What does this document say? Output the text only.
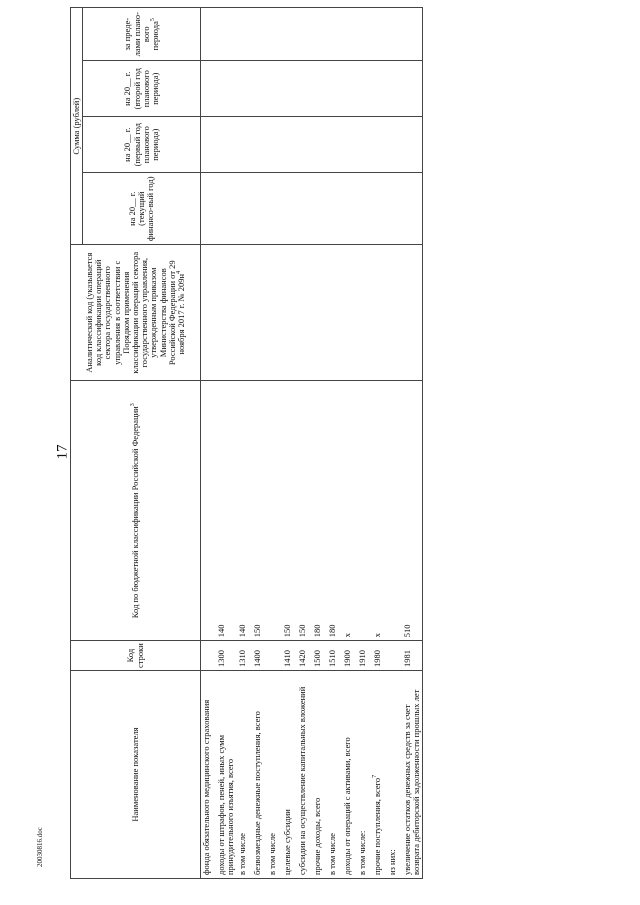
17
Наименование показателя	Код строки	Код по бюджетной классификации Российской Федерации$^3$	Аналитический код (указывается код классификации операций сектора государственного управления в соответствии с Порядком применения классификации операций сектора государственного управления, утвержденным приказом Министерства финансов Российской Федерации от 29 ноября 2017 г. № $209н^4$	Сумма (рублей)			
				на 20__ г. (текущий финансо-вый год)	на 20__ г. (первый год планового периода)	на 20__ г. (второй год планового периода)	за преде-лами плано-вого периода$^5$
фонда обязательного медицинского страхования							
доходы от штрафов, пеней, иных сумм принудительного изъятия, всего	1300	140					
в том числе	1310	140					
безвозмездные денежные поступления, всего	1400	150					
в том числе							
целевые субсидии	1410	150					
субсидии на осуществление капитальных вложений	1420	150					
прочие доходы, всего	1500	180					
в том числе	1510	180					
доходы от операций с активами, всего	1900	x					
в том числе:	1910						
прочие поступления, всего$^7$	1980	x					
из них:							
увеличение остатков денежных средств за счет возврата дебиторской задолженности прошлых лет	1981	510					
20030816.doc
